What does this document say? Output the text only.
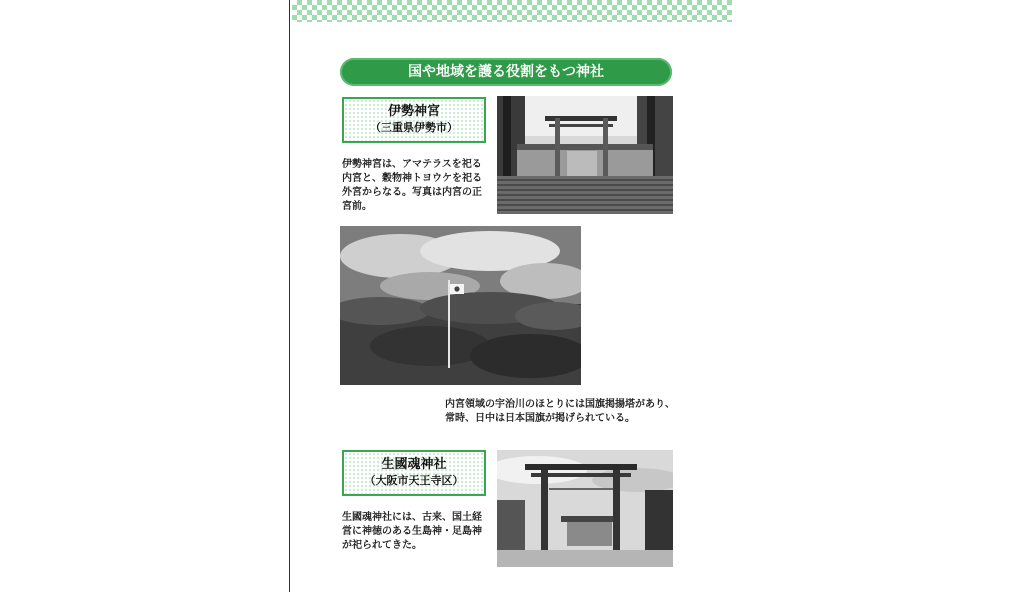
国や地域を護る役割をもつ神社
伊勢神宮
（三重県伊勢市）
伊勢神宮は、アマテラスを祀る
内宮と、穀物神トヨウケを祀る
外宮からなる。写真は内宮の正
宮前。
内宮領域の宇治川のほとりには国旗掲揚塔があり、
常時、日中は日本国旗が掲げられている。
生國魂神社
（大阪市天王寺区）
生國魂神社には、古来、国土経
営に神徳のある生島神・足島神
が祀られてきた。
